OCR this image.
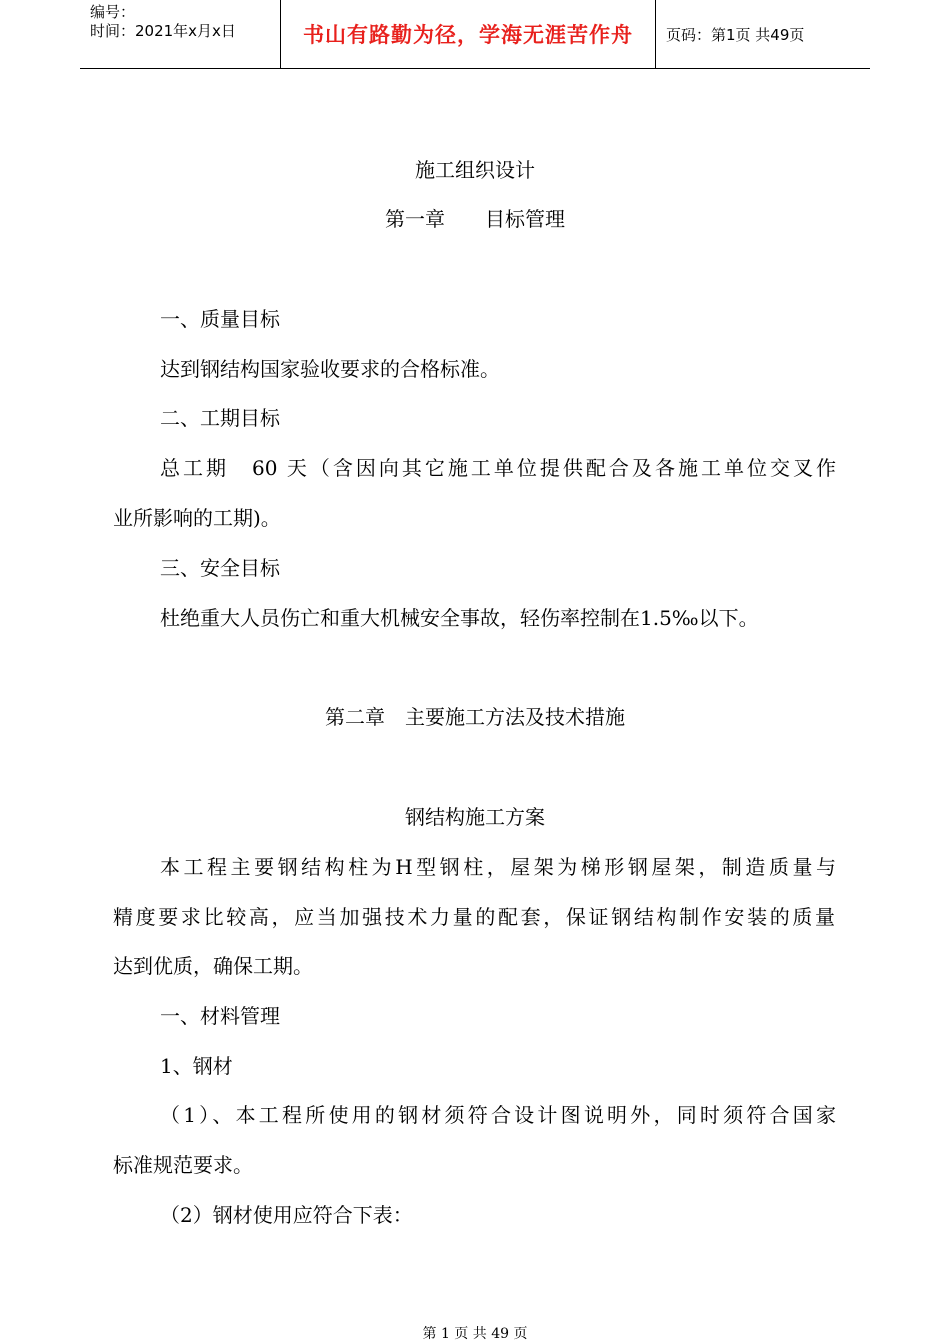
编号：
时间：2021年x月x日	书山有路勤为径，学海无涯苦作舟	页码：第1页 共49页
施工组织设计
第一章　　目标管理
一、质量目标
达到钢结构国家验收要求的合格标准。
二、工期目标
总工期　60 天（含因向其它施工单位提供配合及各施工单位交叉作
业所影响的工期)。
三、安全目标
杜绝重大人员伤亡和重大机械安全事故，轻伤率控制在1.5‰以下。
第二章　主要施工方法及技术措施
钢结构施工方案
本工程主要钢结构柱为H型钢柱，屋架为梯形钢屋架，制造质量与
精度要求比较高，应当加强技术力量的配套，保证钢结构制作安装的质量
达到优质，确保工期。
一、材料管理
1、钢材
（1）、本工程所使用的钢材须符合设计图说明外，同时须符合国家
标准规范要求。
（2）钢材使用应符合下表：
第 1 页 共 49 页
